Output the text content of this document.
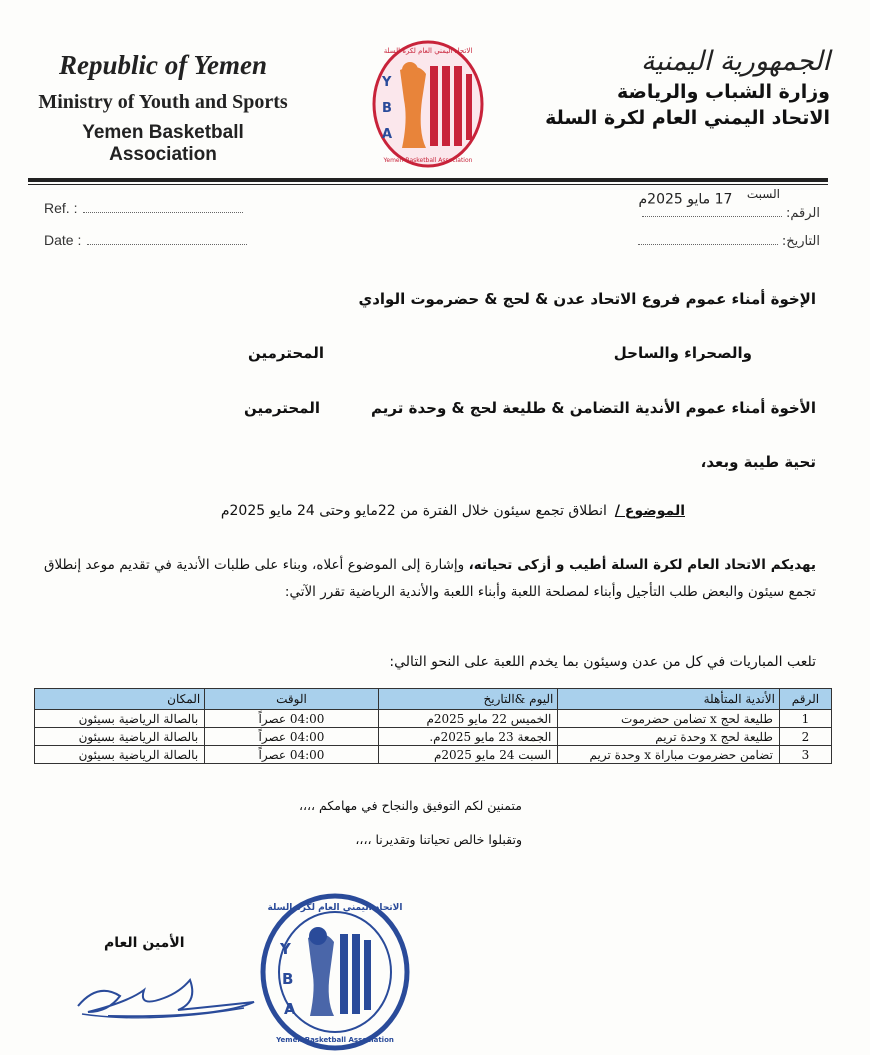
Republic of Yemen
Ministry of Youth and Sports
Yemen Basketball Association
الجمهورية اليمنية
وزارة الشباب والرياضة
الاتحاد اليمني العام لكرة السلة
Y
B
A
الاتحاد اليمني العام لكرة السلة
Yemen Basketball Association
Ref. :
Date :
السبت 17 مايو 2025م
الرقم:
التاريخ:
الإخوة أمناء عموم فروع الاتحاد عدن & لحج & حضرموت الوادي
والصحراء والساحل
المحترمين
الأخوة أمناء عموم الأندية التضامن & طليعة لحج & وحدة تريم
المحترمين
تحية طيبة وبعد،
الموضوع /انطلاق تجمع سيئون خلال الفترة من 22مايو وحتى 24 مايو 2025م
يهديكم الاتحاد العام لكرة السلة أطيب و أزكى تحياته، وإشارة إلى الموضوع أعلاه، وبناء على طلبات الأندية في تقديم موعد إنطلاق تجمع سيئون والبعض طلب التأجيل وأبناء لمصلحة اللعبة وأبناء اللعبة والأندية الرياضية تقرر الآتي:
تلعب المباريات في كل من عدن وسيئون بما يخدم اللعبة على النحو التالي:
الرقم	الأندية المتأهلة	اليوم &التاريخ	الوقت	المكان
1	طليعة لحج x تضامن حضرموت	الخميس 22 مايو 2025م	04:00 عصراً	بالصالة الرياضية بسيئون
2	طليعة لحج x وحدة تريم	الجمعة 23 مايو 2025م.	04:00 عصراً	بالصالة الرياضية بسيئون
3	تضامن حضرموت مباراة x وحدة تريم	السبت 24 مايو 2025م	04:00 عصراً	بالصالة الرياضية بسيئون
متمنين لكم التوفيق والنجاح في مهامكم ،،،،
وتقبلوا خالص تحياتنا وتقديرنا ،،،،
الأمين العام	Y
B
A
الاتحاد اليمني العام لكرة السلة
Yemen Basketball Association
